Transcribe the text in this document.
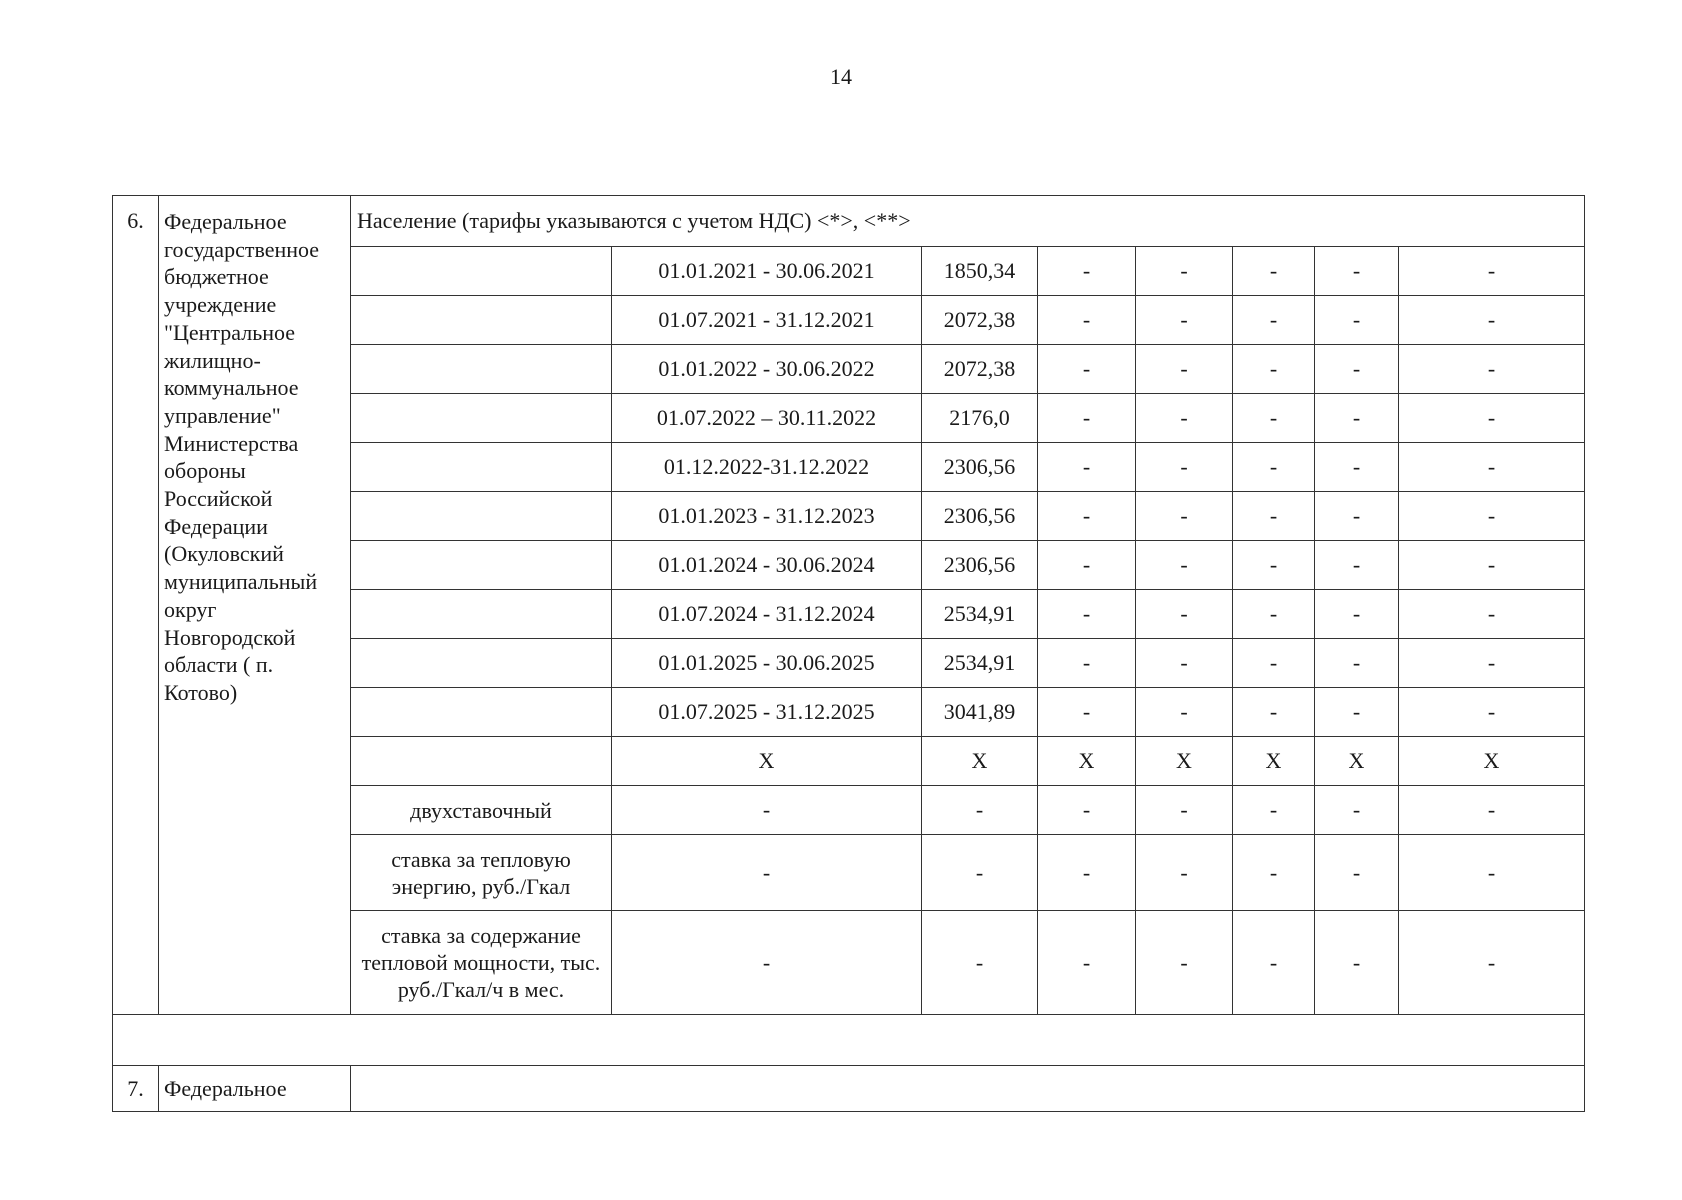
14
6.	Федеральное государственное бюджетное учреждение "Центральное жилищно-коммунальное управление" Министерства обороны Российской Федерации (Окуловский муниципальный округ Новгородской области ( п. Котово)	Население (тарифы указываются с учетом НДС) <*>, <**>							
			01.01.2021 - 30.06.2021	1850,34	-	-	-	-	-
			01.07.2021 - 31.12.2021	2072,38	-	-	-	-	-
			01.01.2022 - 30.06.2022	2072,38	-	-	-	-	-
			01.07.2022 – 30.11.2022	2176,0	-	-	-	-	-
			01.12.2022-31.12.2022	2306,56	-	-	-	-	-
			01.01.2023 - 31.12.2023	2306,56	-	-	-	-	-
			01.01.2024 - 30.06.2024	2306,56	-	-	-	-	-
			01.07.2024 - 31.12.2024	2534,91	-	-	-	-	-
			01.01.2025 - 30.06.2025	2534,91	-	-	-	-	-
			01.07.2025 - 31.12.2025	3041,89	-	-	-	-	-
			X	X	X	X	X	X	X
		двухставочный	-	-	-	-	-	-	-
		ставка за тепловую энергию, руб./Гкал	-	-	-	-	-	-	-
		ставка за содержание тепловой мощности, тыс. руб./Гкал/ч в мес.	-	-	-	-	-	-	-

7.	Федеральное								
